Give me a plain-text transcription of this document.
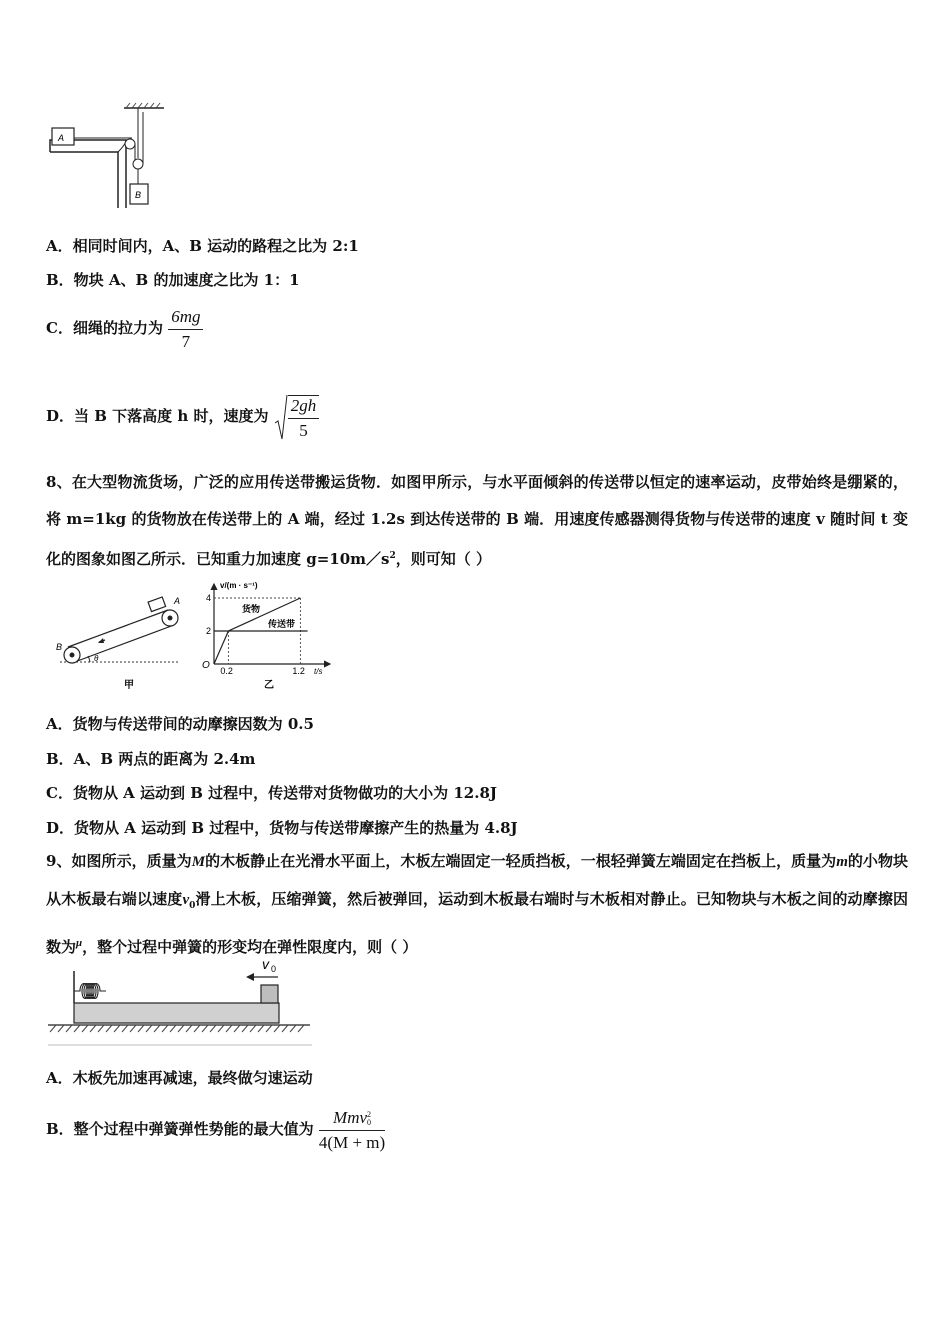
A
B
A．相同时间内，A、B 运动的路程之比为 2:1
B．物块 A、B 的加速度之比为 1：1
C．细绳的拉力为 $\frac{6mg}{7}$
D．当 B 下落高度 h 时，速度为 $\frac{2gh}{5}$
8、在大型物流货场，广泛的应用传送带搬运货物．如图甲所示，与水平面倾斜的传送带以恒定的速率运动，皮带始终是绷紧的，将 m=1kg 的货物放在传送带上的 A 端，经过 1.2s 到达传送带的 B 端．用速度传感器测得货物与传送带的速度 v 随时间 t 变化的图象如图乙所示．已知重力加速度 $g=10m/s^2$，则可知（ ）
A
B
θ
甲
v/(m · s⁻¹)
t/s
O
4
2
0.2	1.2
货物
传送带
乙
A．货物与传送带间的动摩擦因数为 0.5
B．A、B 两点的距离为 2.4m
C．货物从 A 运动到 B 过程中，传送带对货物做功的大小为 12.8J
D．货物从 A 运动到 B 过程中，货物与传送带摩擦产生的热量为 4.8J
9、如图所示，质量为M的木板静止在光滑水平面上，木板左端固定一轻质挡板，一根轻弹簧左端固定在挡板上，质量为m的小物块从木板最右端以速度$v_0$滑上木板，压缩弹簧，然后被弹回，运动到木板最右端时与木板相对静止。已知物块与木板之间的动摩擦因数为$^\mu$，整个过程中弹簧的形变均在弹性限度内，则（ ）
v 0
A．木板先加速再减速，最终做匀速运动
B．整个过程中弹簧弹性势能的最大值为 Mmv 2
0
4(M + m)
